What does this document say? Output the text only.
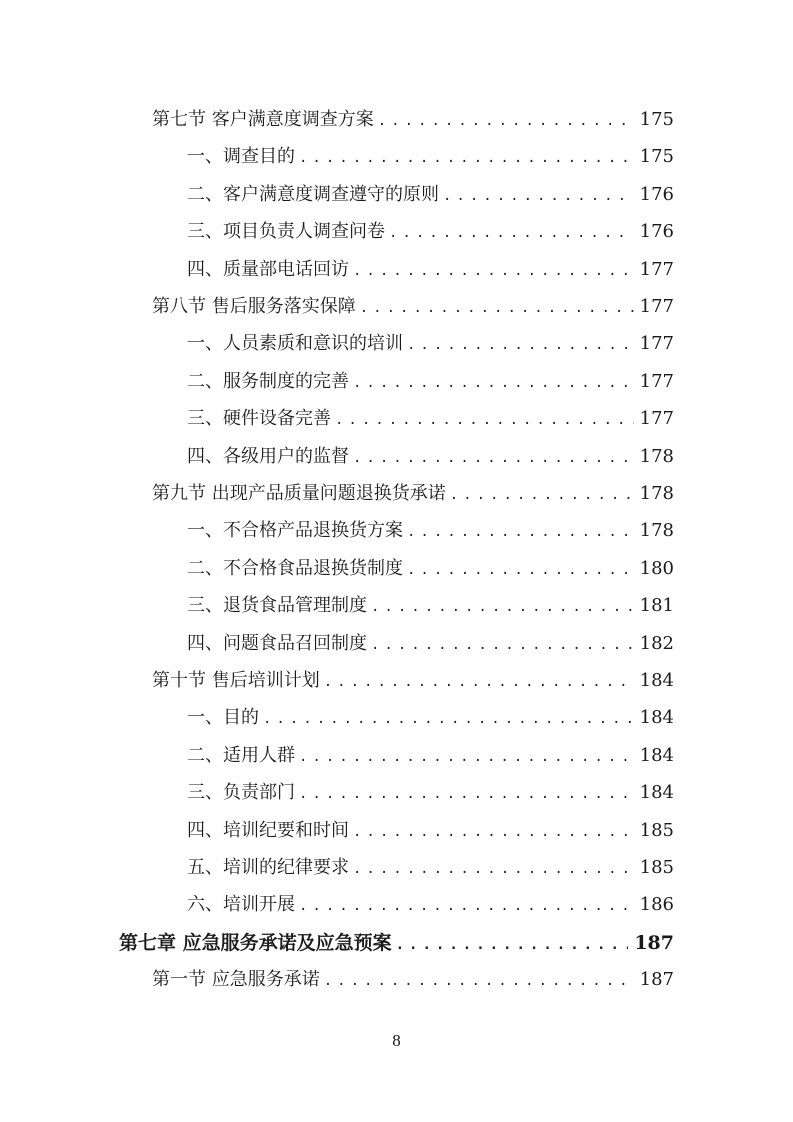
第七节 客户满意度调查方案 .....	175
一、调查目的 .....	175
二、客户满意度调查遵守的原则 .....	176
三、项目负责人调查问卷 .....	176
四、质量部电话回访 .....	177
第八节 售后服务落实保障 .....	177
一、人员素质和意识的培训 .....	177
二、服务制度的完善 .....	177
三、硬件设备完善 .....	177
四、各级用户的监督 .....	178
第九节 出现产品质量问题退换货承诺 .....	178
一、不合格产品退换货方案 .....	178
二、不合格食品退换货制度 .....	180
三、退货食品管理制度 .....	181
四、问题食品召回制度 .....	182
第十节 售后培训计划 .....	184
一、目的 .....	184
二、适用人群 .....	184
三、负责部门 .....	184
四、培训纪要和时间 .....	185
五、培训的纪律要求 .....	185
六、培训开展 .....	186
第七章 应急服务承诺及应急预案 .....	187
第一节 应急服务承诺 .....	187
8
